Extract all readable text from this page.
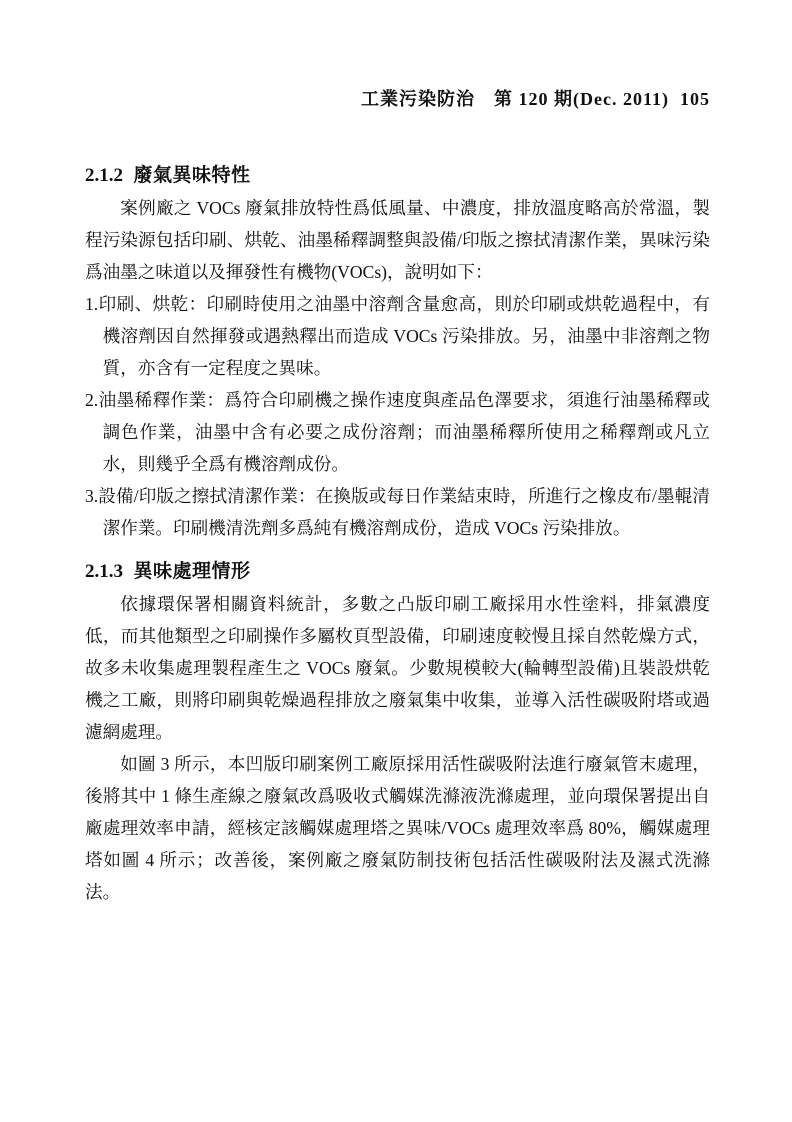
工業污染防治　第 120 期(Dec. 2011)  105
2.1.2 廢氣異味特性

案例廠之 VOCs 廢氣排放特性爲低風量、中濃度，排放溫度略高於常溫，製程污染源包括印刷、烘乾、油墨稀釋調整與設備/印版之擦拭清潔作業，異味污染爲油墨之味道以及揮發性有機物(VOCs)，說明如下：

1.印刷、烘乾：印刷時使用之油墨中溶劑含量愈高，則於印刷或烘乾過程中，有機溶劑因自然揮發或遇熱釋出而造成 VOCs 污染排放。另，油墨中非溶劑之物質，亦含有一定程度之異味。

2.油墨稀釋作業：爲符合印刷機之操作速度與產品色澤要求，須進行油墨稀釋或調色作業，油墨中含有必要之成份溶劑；而油墨稀釋所使用之稀釋劑或凡立水，則幾乎全爲有機溶劑成份。

3.設備/印版之擦拭清潔作業：在換版或每日作業結束時，所進行之橡皮布/墨輥清潔作業。印刷機清洗劑多爲純有機溶劑成份，造成 VOCs 污染排放。

2.1.3 異味處理情形

依據環保署相關資料統計，多數之凸版印刷工廠採用水性塗料，排氣濃度低，而其他類型之印刷操作多屬枚頁型設備，印刷速度較慢且採自然乾燥方式，故多未收集處理製程產生之 VOCs 廢氣。少數規模較大(輪轉型設備)且裝設烘乾機之工廠，則將印刷與乾燥過程排放之廢氣集中收集，並導入活性碳吸附塔或過濾網處理。

如圖 3 所示，本凹版印刷案例工廠原採用活性碳吸附法進行廢氣管末處理，後將其中 1 條生產線之廢氣改爲吸收式觸媒洗滌液洗滌處理，並向環保署提出自廠處理效率申請，經核定該觸媒處理塔之異味/VOCs 處理效率爲 80%，觸媒處理塔如圖 4 所示；改善後，案例廠之廢氣防制技術包括活性碳吸附法及濕式洗滌法。
